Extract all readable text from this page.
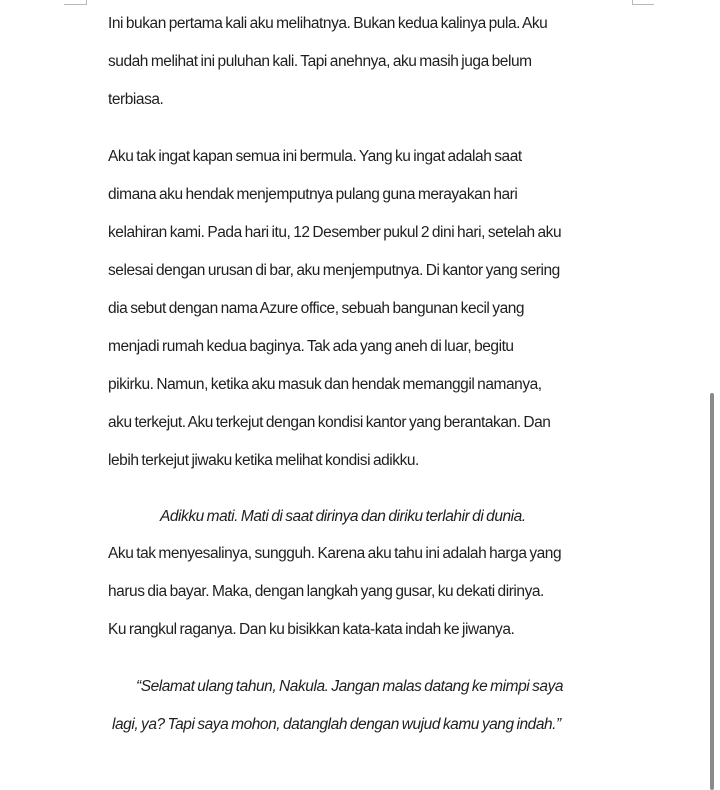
Ini bukan pertama kali aku melihatnya. Bukan kedua kalinya pula. Aku
sudah melihat ini puluhan kali. Tapi anehnya, aku masih juga belum
terbiasa.

Aku tak ingat kapan semua ini bermula. Yang ku ingat adalah saat
dimana aku hendak menjemputnya pulang guna merayakan hari
kelahiran kami. Pada hari itu, 12 Desember pukul 2 dini hari, setelah aku
selesai dengan urusan di bar, aku menjemputnya. Di kantor yang sering
dia sebut dengan nama Azure office, sebuah bangunan kecil yang
menjadi rumah kedua baginya. Tak ada yang aneh di luar, begitu
pikirku. Namun, ketika aku masuk dan hendak memanggil namanya,
aku terkejut. Aku terkejut dengan kondisi kantor yang berantakan. Dan
lebih terkejut jiwaku ketika melihat kondisi adikku.

Adikku mati. Mati di saat dirinya dan diriku terlahir di dunia.

Aku tak menyesalinya, sungguh. Karena aku tahu ini adalah harga yang
harus dia bayar. Maka, dengan langkah yang gusar, ku dekati dirinya.
Ku rangkul raganya. Dan ku bisikkan kata-kata indah ke jiwanya.

“Selamat ulang tahun, Nakula. Jangan malas datang ke mimpi saya
lagi, ya? Tapi saya mohon, datanglah dengan wujud kamu yang indah.”
